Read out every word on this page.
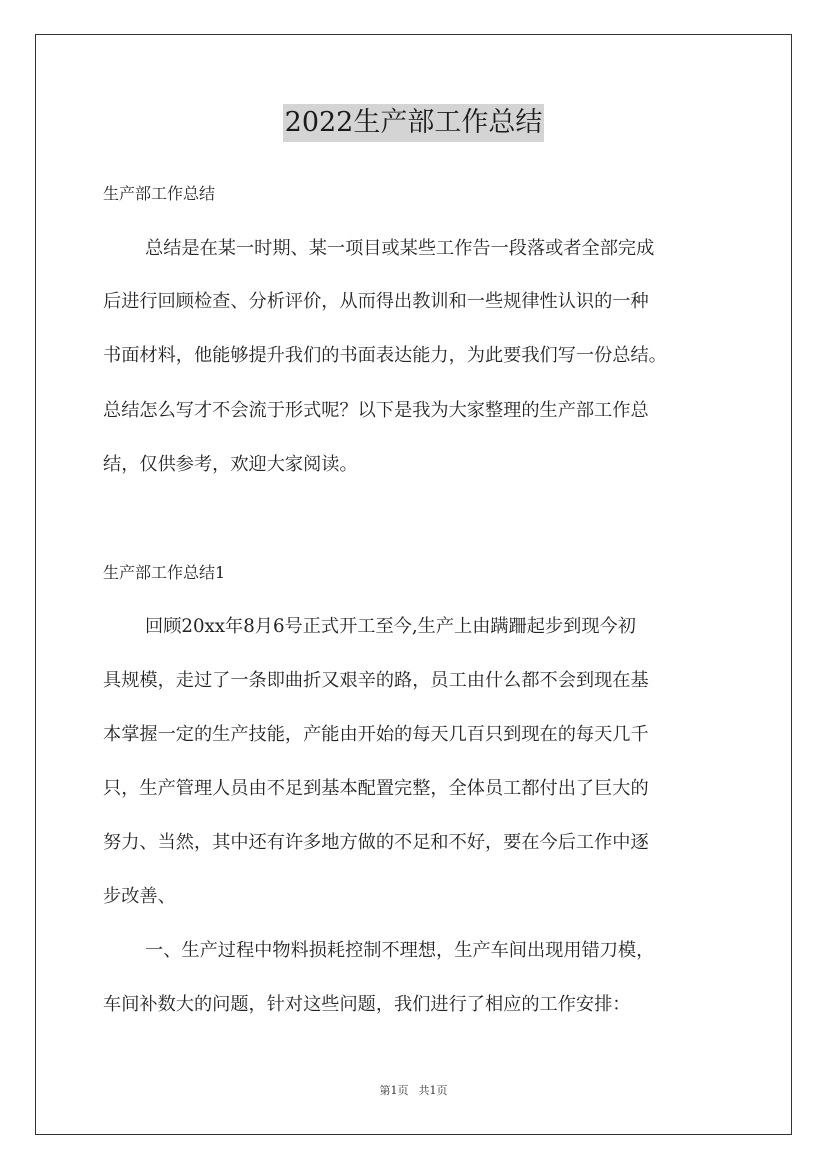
2022生产部工作总结
生产部工作总结
总结是在某一时期、某一项目或某些工作告一段落或者全部完成
后进行回顾检查、分析评价，从而得出教训和一些规律性认识的一种
书面材料，他能够提升我们的书面表达能力，为此要我们写一份总结。
总结怎么写才不会流于形式呢？以下是我为大家整理的生产部工作总
结，仅供参考，欢迎大家阅读。
生产部工作总结1
回顾20xx年8月6号正式开工至今,生产上由蹒跚起步到现今初
具规模，走过了一条即曲折又艰辛的路，员工由什么都不会到现在基
本掌握一定的生产技能，产能由开始的每天几百只到现在的每天几千
只，生产管理人员由不足到基本配置完整，全体员工都付出了巨大的
努力、当然，其中还有许多地方做的不足和不好，要在今后工作中逐
步改善、
一、生产过程中物料损耗控制不理想，生产车间出现用错刀模，
车间补数大的问题，针对这些问题，我们进行了相应的工作安排：
第1页 共1页
